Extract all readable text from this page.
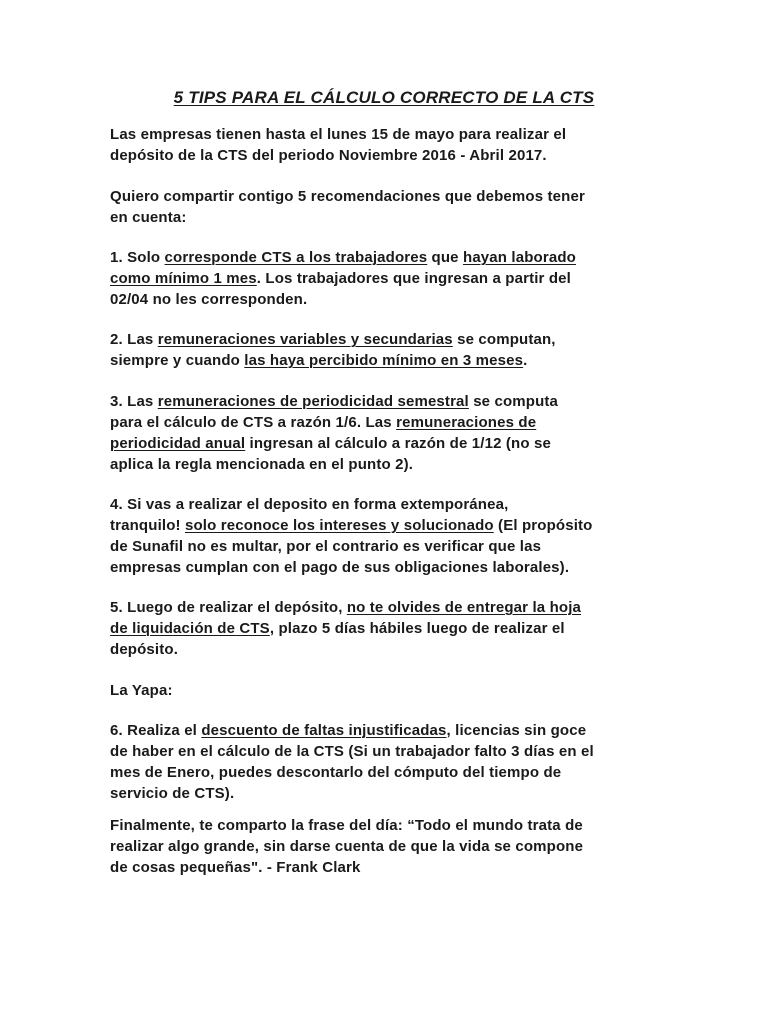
5 TIPS PARA EL CÁLCULO CORRECTO DE LA CTS

Las empresas tienen hasta el lunes 15 de mayo para realizar el
depósito de la CTS del periodo Noviembre 2016 - Abril 2017.

Quiero compartir contigo 5 recomendaciones que debemos tener
en cuenta:

1. Solo corresponde CTS a los trabajadores que hayan laborado
como mínimo 1 mes. Los trabajadores que ingresan a partir del
02/04 no les corresponden.

2. Las remuneraciones variables y secundarias se computan,
siempre y cuando las haya percibido mínimo en 3 meses.

3. Las remuneraciones de periodicidad semestral se computa
para el cálculo de CTS a razón 1/6. Las remuneraciones de
periodicidad anual ingresan al cálculo a razón de 1/12 (no se
aplica la regla mencionada en el punto 2).

4. Si vas a realizar el deposito en forma extemporánea,
tranquilo! solo reconoce los intereses y solucionado (El propósito
de Sunafil no es multar, por el contrario es verificar que las
empresas cumplan con el pago de sus obligaciones laborales).

5. Luego de realizar el depósito, no te olvides de entregar la hoja
de liquidación de CTS, plazo 5 días hábiles luego de realizar el
depósito.

La Yapa:

6. Realiza el descuento de faltas injustificadas, licencias sin goce
de haber en el cálculo de la CTS (Si un trabajador falto 3 días en el
mes de Enero, puedes descontarlo del cómputo del tiempo de
servicio de CTS).

Finalmente, te comparto la frase del día: “Todo el mundo trata de
realizar algo grande, sin darse cuenta de que la vida se compone
de cosas pequeñas". - Frank Clark
